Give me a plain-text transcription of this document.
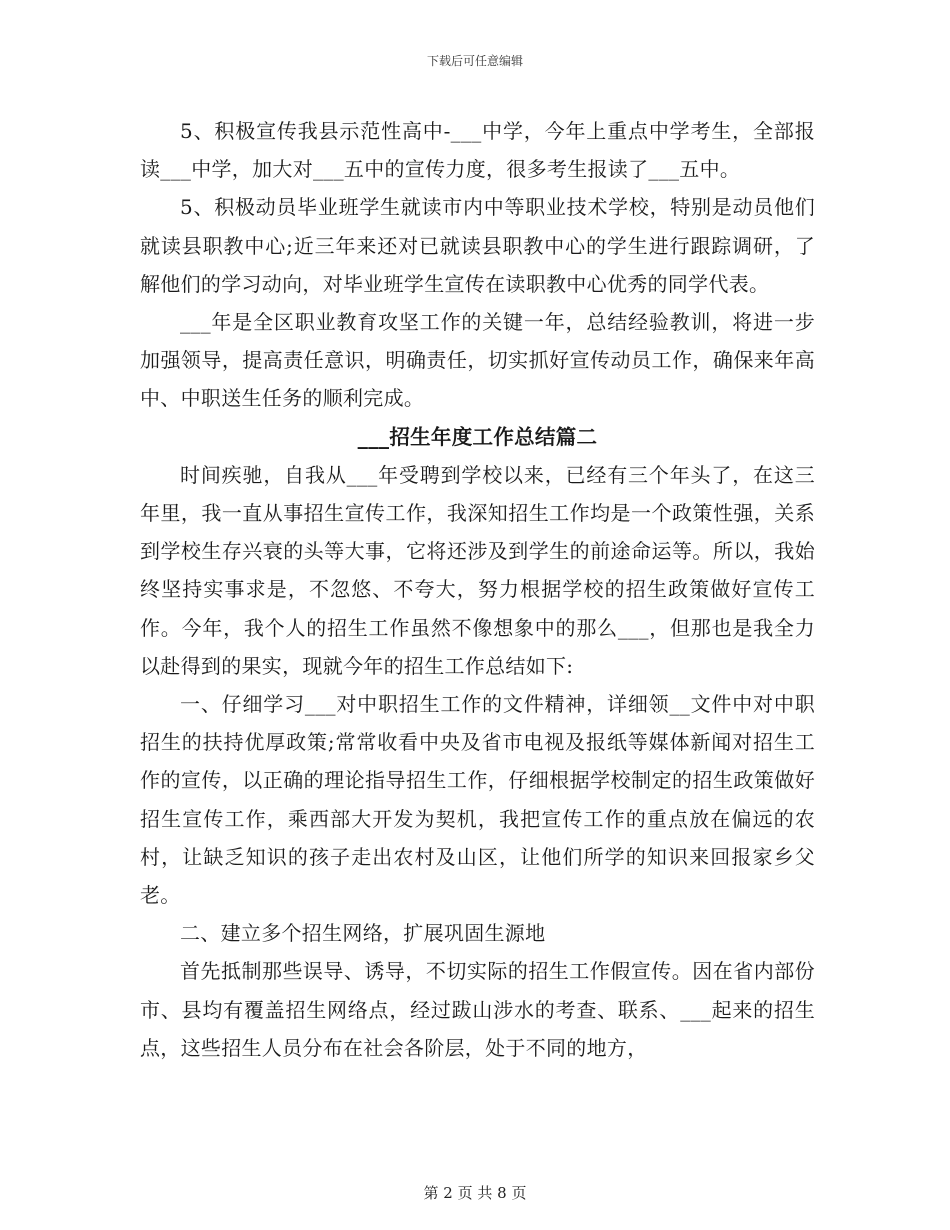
下载后可任意编辑

5、积极宣传我县示范性高中-___中学，今年上重点中学考生，全部报读___中学，加大对___五中的宣传力度，很多考生报读了___五中。

5、积极动员毕业班学生就读市内中等职业技术学校，特别是动员他们就读县职教中心;近三年来还对已就读县职教中心的学生进行跟踪调研，了解他们的学习动向，对毕业班学生宣传在读职教中心优秀的同学代表。

___年是全区职业教育攻坚工作的关键一年，总结经验教训，将进一步加强领导，提高责任意识，明确责任，切实抓好宣传动员工作，确保来年高中、中职送生任务的顺利完成。

___招生年度工作总结篇二

时间疾驰，自我从___年受聘到学校以来，已经有三个年头了，在这三年里，我一直从事招生宣传工作，我深知招生工作均是一个政策性强，关系到学校生存兴衰的头等大事，它将还涉及到学生的前途命运等。所以，我始终坚持实事求是，不忽悠、不夸大，努力根据学校的招生政策做好宣传工作。今年，我个人的招生工作虽然不像想象中的那么___，但那也是我全力以赴得到的果实，现就今年的招生工作总结如下:

一、仔细学习___对中职招生工作的文件精神，详细领__文件中对中职招生的扶持优厚政策;常常收看中央及省市电视及报纸等媒体新闻对招生工作的宣传，以正确的理论指导招生工作，仔细根据学校制定的招生政策做好招生宣传工作，乘西部大开发为契机，我把宣传工作的重点放在偏远的农村，让缺乏知识的孩子走出农村及山区，让他们所学的知识来回报家乡父老。

二、建立多个招生网络，扩展巩固生源地

首先抵制那些误导、诱导，不切实际的招生工作假宣传。因在省内部份市、县均有覆盖招生网络点，经过跋山涉水的考查、联系、___起来的招生点，这些招生人员分布在社会各阶层，处于不同的地方，

第 2 页 共 8 页
